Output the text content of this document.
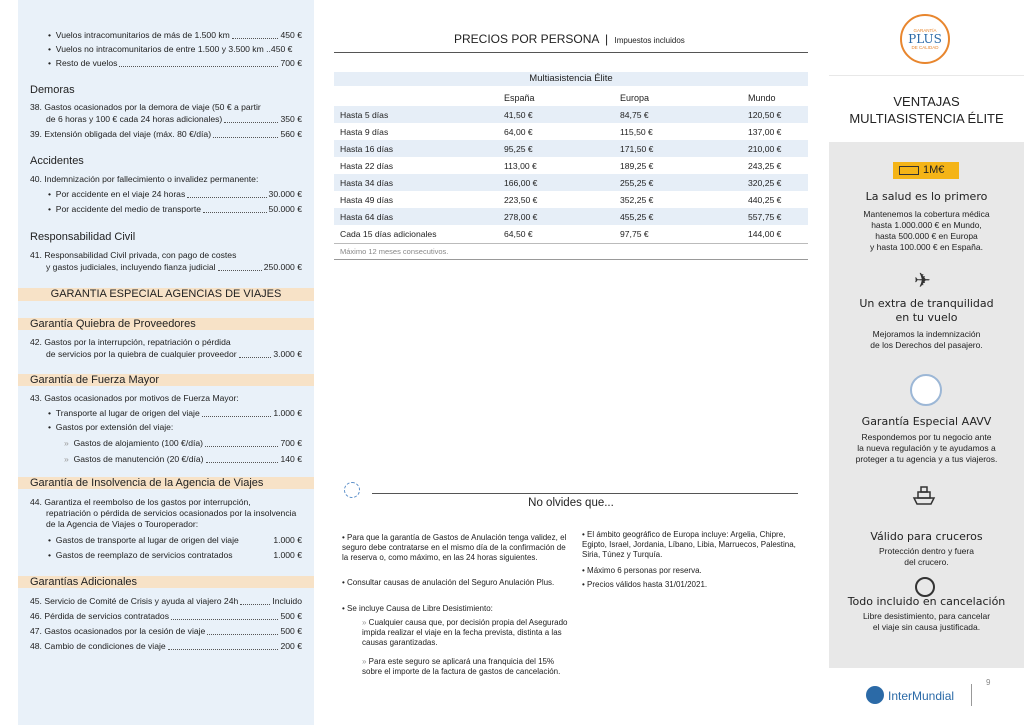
• Vuelos intracomunitarios de más de 1.500 km	450 €
• Vuelos no intracomunitarios de entre 1.500 y 3.500 km .. 450 €
• Resto de vuelos	700 €
Demoras
38. Gastos ocasionados por la demora de viaje (50 € a partir
de 6 horas y 100 € cada 24 horas adicionales)	350 €
39. Extensión obligada del viaje (máx. 80 €/día)	560 €
Accidentes
40. Indemnización por fallecimiento o invalidez permanente:
• Por accidente en el viaje 24 horas	30.000 €
• Por accidente del medio de transporte	50.000 €
Responsabilidad Civil
41. Responsabilidad Civil privada, con pago de costes
y gastos judiciales, incluyendo fianza judicial	250.000 €
GARANTIA ESPECIAL AGENCIAS DE VIAJES
Garantía Quiebra de Proveedores
42. Gastos por la interrupción, repatriación o pérdida
de servicios por la quiebra de cualquier proveedor	3.000 €
Garantía de Fuerza Mayor
43. Gastos ocasionados por motivos de Fuerza Mayor:
• Transporte al lugar de origen del viaje	1.000 €
•  Gastos por extensión del viaje:
» Gastos de alojamiento (100 €/día)	700 €
» Gastos de manutención (20 €/día)	140 €
Garantía de Insolvencia de la Agencia de Viajes
44. Garantiza el reembolso de los gastos por interrupción,
repatriación o pérdida de servicios ocasionados por la insolvencia
de la Agencia de Viajes o Touroperador:
• Gastos de transporte al lugar de origen del viaje	1.000 €
• Gastos de reemplazo de servicios contratados	1.000 €
Garantías Adicionales
45. Servicio de Comité de Crisis y ayuda al viajero 24h	Incluido
46. Pérdida de servicios contratados	500 €
47. Gastos ocasionados por la cesión de viaje	500 €
48. Cambio de condiciones de viaje	200 €
PRECIOS POR PERSONA | Impuestos incluidos
Multiasistencia Élite
	España	Europa	Mundo
Hasta 5 días	41,50 €	84,75 €	120,50 €
Hasta 9 días	64,00 €	115,50 €	137,00 €
Hasta 16 días	95,25 €	171,50 €	210,00 €
Hasta 22 días	113,00 €	189,25 €	243,25 €
Hasta 34 días	166,00 €	255,25 €	320,25 €
Hasta 49 días	223,50 €	352,25 €	440,25 €
Hasta 64 días	278,00 €	455,25 €	557,75 €
Cada 15 días adicionales	64,50 €	97,75 €	144,00 €
Máximo 12 meses consecutivos.
No olvides que...
• Para que la garantía de Gastos de Anulación tenga validez, el seguro debe contratarse en el mismo día de la confirmación de la reserva o, como máximo, en las 24 horas siguientes.
• Consultar causas de anulación del Seguro Anulación Plus.
• Se incluye Causa de Libre Desistimiento:
» Cualquier causa que, por decisión propia del Asegurado impida realizar el viaje en la fecha prevista, distinta a las causas garantizadas.
» Para este seguro se aplicará una franquicia del 15% sobre el importe de la factura de gastos de cancelación.
• El ámbito geográfico de Europa incluye: Argelia, Chipre, Egipto, Israel, Jordania, Líbano, Libia, Marruecos, Palestina, Siria, Túnez y Turquía.
• Máximo 6 personas por reserva.
• Precios válidos hasta 31/01/2021.
GARANTÍA
PLUS
DE CALIDAD
VENTAJAS
MULTIASISTENCIA ÉLITE
1M€
La salud es lo primero
Mantenemos la cobertura médica
hasta 1.000.000 € en Mundo,
hasta 500.000 € en Europa
y hasta 100.000 € en España.
✈
Un extra de tranquilidad
en tu vuelo
Mejoramos la indemnización
de los Derechos del pasajero.
Garantía Especial AAVV
Respondemos por tu negocio ante
la nueva regulación y te ayudamos a
proteger a tu agencia y a tus viajeros.
Válido para cruceros
Protección dentro y fuera
del crucero.
Todo incluido en cancelación
Libre desistimiento, para cancelar
el viaje sin causa justificada.
9
InterMundial
